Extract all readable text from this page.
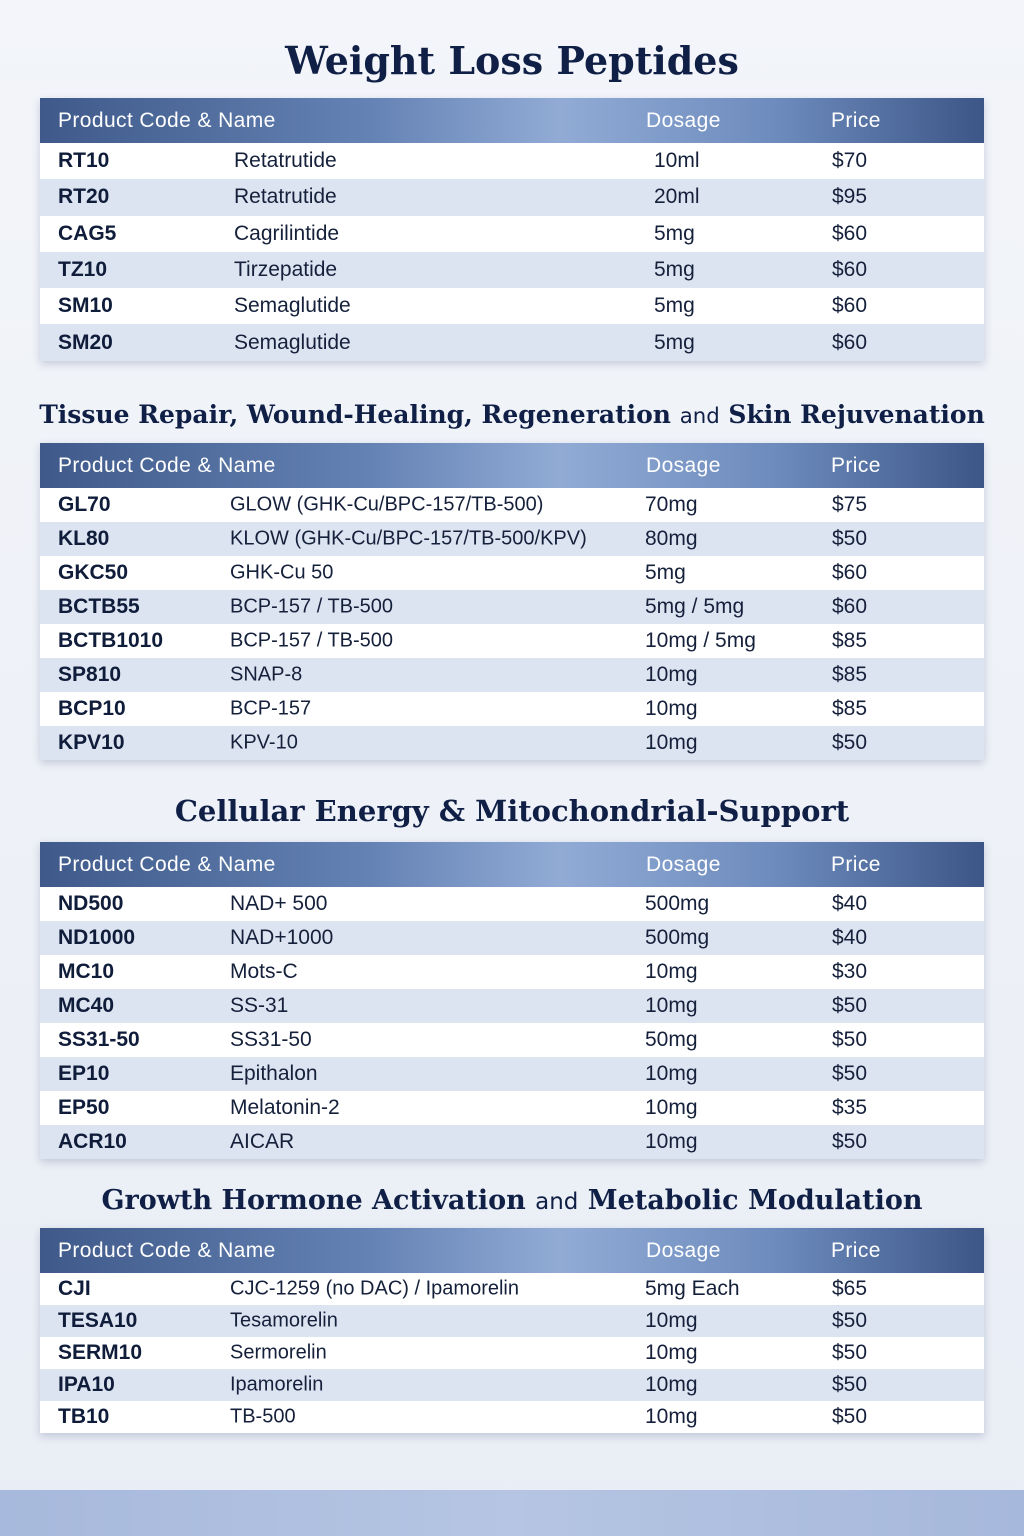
Weight Loss Peptides
Product Code & Name	Dosage	Price
RT10	Retatrutide	10ml	$70
RT20	Retatrutide	20ml	$95
CAG5	Cagrilintide	5mg	$60
TZ10	Tirzepatide	5mg	$60
SM10	Semaglutide	5mg	$60
SM20	Semaglutide	5mg	$60
Tissue Repair, Wound-Healing, Regeneration and Skin Rejuvenation
Product Code & Name	Dosage	Price
GL70	GLOW (GHK-Cu/BPC-157/TB-500)	70mg	$75
KL80	KLOW (GHK-Cu/BPC-157/TB-500/KPV)	80mg	$50
GKC50	GHK-Cu 50	5mg	$60
BCTB55	BCP-157 / TB-500	5mg / 5mg	$60
BCTB1010	BCP-157 / TB-500	10mg / 5mg	$85
SP810	SNAP-8	10mg	$85
BCP10	BCP-157	10mg	$85
KPV10	KPV-10	10mg	$50
Cellular Energy & Mitochondrial-Support
Product Code & Name	Dosage	Price
ND500	NAD+ 500	500mg	$40
ND1000	NAD+1000	500mg	$40
MC10	Mots-C	10mg	$30
MC40	SS-31	10mg	$50
SS31-50	SS31-50	50mg	$50
EP10	Epithalon	10mg	$50
EP50	Melatonin-2	10mg	$35
ACR10	AICAR	10mg	$50
Growth Hormone Activation and Metabolic Modulation
Product Code & Name	Dosage	Price
CJI	CJC-1259 (no DAC) / Ipamorelin	5mg Each	$65
TESA10	Tesamorelin	10mg	$50
SERM10	Sermorelin	10mg	$50
IPA10	Ipamorelin	10mg	$50
TB10	TB-500	10mg	$50
